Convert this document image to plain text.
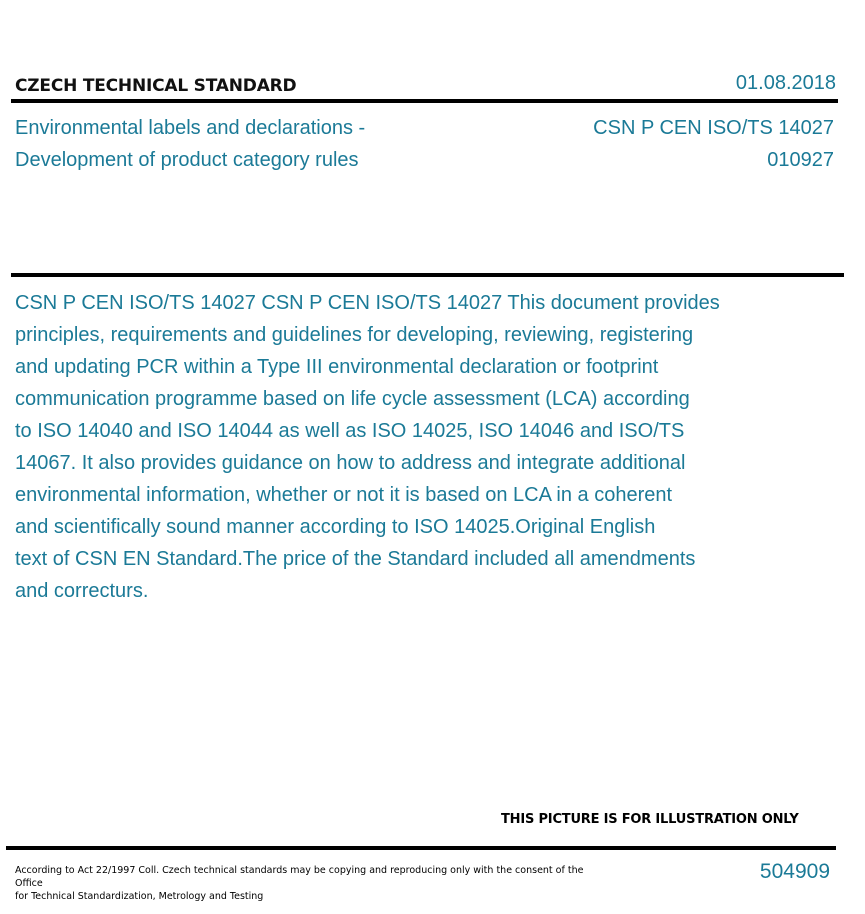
CZECH TECHNICAL STANDARD	01.08.2018
Environmental labels and declarations -
Development of product category rules
CSN P CEN ISO/TS 14027
010927
CSN P CEN ISO/TS 14027 CSN P CEN ISO/TS 14027 This document provides
principles, requirements and guidelines for developing, reviewing, registering
and updating PCR within a Type III environmental declaration or footprint
communication programme based on life cycle assessment (LCA) according
to ISO 14040 and ISO 14044 as well as ISO 14025, ISO 14046 and ISO/TS
14067. It also provides guidance on how to address and integrate additional
environmental information, whether or not it is based on LCA in a coherent
and scientifically sound manner according to ISO 14025.Original English
text of CSN EN Standard.The price of the Standard included all amendments
and correcturs.
THIS PICTURE IS FOR ILLUSTRATION ONLY
According to Act 22/1997 Coll. Czech technical standards may be copying and reproducing only with the consent of the Office
for Technical Standardization, Metrology and Testing
504909
